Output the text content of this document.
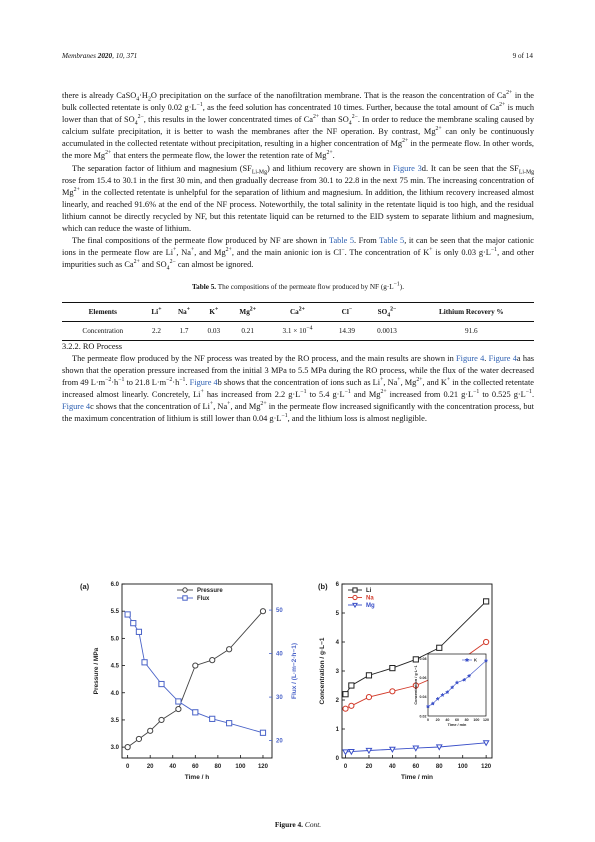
Membranes 2020, 10, 371	9 of 14

there is already $CaSO_4\cdot H_2O$ precipitation on the surface of the nanofiltration membrane. That is the reason the concentration of $Ca^{2+}$ in the bulk collected retentate is only 0.02 $g\cdot L^{-1}$, as the feed solution has concentrated 10 times. Further, because the total amount of $Ca^{2+}$ is much lower than that of $SO_4^{2-}$, this results in the lower concentrated times of $Ca^{2+}$ than $SO_4^{2-}$. In order to reduce the membrane scaling caused by calcium sulfate precipitation, it is better to wash the membranes after the NF operation. By contrast, $Mg^{2+}$ can only be continuously accumulated in the collected retentate without precipitation, resulting in a higher concentration of $Mg^{2+}$ in the permeate flow. In other words, the more $Mg^{2+}$ that enters the permeate flow, the lower the retention rate of $Mg^{2+}$.

The separation factor of lithium and magnesium $(SF_{Li-Mg})$ and lithium recovery are shown in Figure 3d. It can be seen that the $SF_{Li-Mg}$ rose from 15.4 to 30.1 in the first 30 min, and then gradually decrease from 30.1 to 22.8 in the next 75 min. The increasing concentration of $Mg^{2+}$ in the collected retentate is unhelpful for the separation of lithium and magnesium. In addition, the lithium recovery increased almost linearly, and reached 91.6% at the end of the NF process. Noteworthily, the total salinity in the retentate liquid is too high, and the residual lithium cannot be directly recycled by NF, but this retentate liquid can be returned to the EID system to separate lithium and magnesium, which can reduce the waste of lithium.

The final compositions of the permeate flow produced by NF are shown in Table 5. From Table 5, it can be seen that the major cationic ions in the permeate flow are Li+, Na+, and $Mg^{2+}$, and the main anionic ion is Cl−. The concentration of K+ is only 0.03 $g\cdot L^{-1}$, and other impurities such as $Ca^{2+}$ and $SO_4^{2-}$ can almost be ignored.

Table 5. The compositions of the permeate flow produced by NF $(g\cdot L^{-1})$.
Elements	Li+	Na+	K+	$Mg^{2+}$	$Ca^{2+}$	Cl−	$SO_4^{2-}$	Lithium Recovery %
Concentration	2.2	1.7	0.03	0.21	$3.1 \times 10^{-4}$	14.39	0.0013	91.6

3.2.2. RO Process

The permeate flow produced by the NF process was treated by the RO process, and the main results are shown in Figure 4. Figure 4a has shown that the operation pressure increased from the initial 3 MPa to 5.5 MPa during the RO process, while the flux of the water decreased from 49 $L\cdot m^{-2}\cdot h^{-1}$ to 21.8 $L\cdot m^{-2}\cdot h^{-1}$. Figure 4b shows that the concentration of ions such as Li+, Na+, $Mg^{2+}$, and K+ in the collected retentate increased almost linearly. Concretely, Li+ has increased from 2.2 $g\cdot L^{-1}$ to 5.4 $g\cdot L^{-1}$ and $Mg^{2+}$ increased from 0.21 $g\cdot L^{-1}$ to 0.525 $g\cdot L^{-1}$. Figure 4c shows that the concentration of Li+, Na+, and $Mg^{2+}$ in the permeate flow increased significantly with the concentration process, but the maximum concentration of lithium is still lower than 0.04 $g\cdot L^{-1}$, and the lithium loss is almost negligible.

(a)
0	20	40	60	80 100 120
3.0
3.5
4.0
4.5
5.0
5.5
6.0
20
30
40
50
Time / h
Pressure / MPa	Flux / (L·m−2·h−1)
Pressure
Flux
(b)
0	20	40	60	80	100 120
0
1
2
3
4
5
6
Time / min
Concentration / g·L−1
Li
Na
Mg
0 20 40 60 80 100 120
0.02
0.04
0.06
0.08
Time / min
Concentration / g·L−1
K
Figure 4. Cont.
